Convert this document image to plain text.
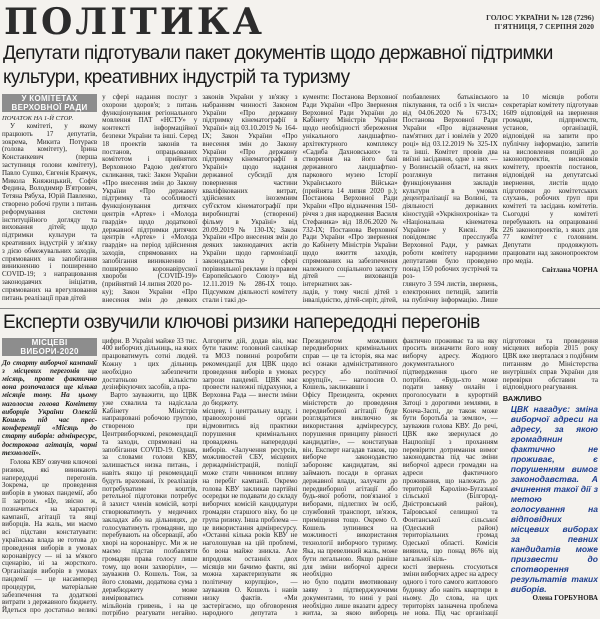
ПОЛІТИКА	ГОЛОС УКРАЇНИ № 128 (7296)
П'ЯТНИЦЯ, 7 СЕРПНЯ 2020
Депутати підготували пакет документів щодо державної підтримки
культури, креативних індустрій та туризму
У КОМІТЕТАХ ВЕРХОВНОЇ РАДИ
ПОЧАТОК НА 1-Й СТОР.

У комітеті, у якому працюють 17 депутатів, зокрема, Микита Потураєв (голова комітету), Ірина Констанкевич (перша заступниця голови комітету), Павло Сушко, Євгенія Кравчук, Микола Княжицький, Софія Федина, Володимир В'ятрович, Тетяна Рябуха, Юрій Павленко, створено робочі групи з питань реформування системи інституційного догляду та виховання дітей; щодо підтримки культури та креативних індустрій у зв'язку з дією обмежувальних заходів, спрямованих на запобігання виникненню і поширенню COVID-19; з напрацювання законодавчих ініціатив, спрямованих на врегулювання питань реалізації прав дітей

у сфері надання послуг з охорони здоров'я; з питань функціонування регіонального мовлення ПАТ «НСТУ» у контексті інформаційної безпеки України та інші. Серед 18 проектів законів та постанов, опрацьованих комітетом і прийнятих Верховною Радою дев'ятого скликання, такі: Закон України «Про внесення змін до Закону України «Про державну підтримку та особливості функціонування дитячих центрів «Артек» і «Молода гвардія» щодо додаткової державної підтримки дитячих центрів «Артек» і «Молода гвардія» на період здійснення заходів, спрямованих на запобігання виникненню і поширенню коронавірусної хвороби (COVID-19)» (прийнятий 14 липня 2020 ро-

ку); Закон України «Про внесення змін до деяких законів України у зв'язку з набранням чинності Законом України «Про державну підтримку кінематографії в Україні» від 03.10.2019 № 164-IX; Закон України «Про внесення змін до Закону України «Про державну підтримку кінематографії в Україні» щодо надання державної субсидії для повернення частини кваліфікованих витрат, здійснених іноземним суб'єктом кінематографії при виробництві (створенні) фільму в Україні» від 20.09.2019 № 130-IX; Закон України «Про внесення змін до деяких законодавчих актів України щодо гармонізації законодавства у сфері порівняльної реклами із правом Європейського Союзу» від 12.11.2019 № 286-IX тощо. Підсумком діяльності комітету стали і такі до-

кументи: Постанова Верховної Ради України «Про Звернення Верховної Ради України до Кабінету Міністрів України щодо необхідності збереження унікального ландшафтно-архітектурного комплексу «Садиба Дахновських» та створення на його базі державного ландшафтно-паркового музею Історії Українського Війська» (прийнята 14 липня 2020 р.); Постанова Верховної Ради України «Про відзначення 150-річчя з дня народження Василя Стефаника» від 18.06.2020 № 732-IX; Постанова Верховної Ради України «Про звернення до Кабінету Міністрів України щодо вжиття заходів, спрямованих на забезпечення належного соціального захисту дітей — вихованців інтернатних зак-

ладів, у тому числі дітей з інвалідністю, дітей-сиріт, дітей, позбавлених батьківського піклування, та осіб з їх числа» від 04.06.2020 № 673-IX; Постанова Верховної Ради України «Про відзначення пам'ятних дат і ювілеїв у 2020 році» від 03.12.2019 № 325-IX та інші. Комітет провів два виїзні засідання, одне з них — у Волинській області, на яких розглянув питання функціонування закладів культури в умовах децентралізації на Волині, та діяльності державних кіностудій «Укркінохроніка» та «Національна кінематека України» у Києві. Як повідомляє пресслужба Верховної Ради, у рамках роботи комітету народними депутатами було проведено понад 150 робочих зустрічей та роз-

глянуто 3 594 листів, звернень, електронних петицій, запитів на публічну інформацію. Лише за 10 місяців роботи секретаріат комітету підготував 1609 відповідей на звернення громадян, підприємств, установ, організацій, відповідей на запити про публічну інформацію, запитів на висловлення позицій до законопроектів, висновків комітету, проектів постанов, відповідей на депутатські звернення, листів щодо підготовки до комітетських слухань, робочих груп при комітеті та засідань комітетів. Сьогодні у комітеті перебувають на опрацюванні 226 законопроектів, з яких для 77 комітет є головним. Депутати продовжують працювати над законопроектом про медіа.

Світлана ЧОРНА
Експерти озвучили ключові ризики напередодні перегонів
МІСЦЕВІ ВИБОРИ-2020
До старту виборчої кампанії з місцевих перегонів ще місяць, проте фактично вона розпочалася ще кілька місяців тому. На цьому наголосив голова Комітету виборців України Олексій Кошель під час прес-конференції «Місяць до старту виборів: адмінресурс, дострокова агітація, чорні технології».

Голова КВУ озвучив ключові ризики, які виникають напередодні перегонів. Зокрема, це проведення виборів в умовах пандемії, або її загрози. «Це, звісно ж, позначиться на характері кампанії, агітації та явці виборців. На жаль, ми маємо всі підстави констатувати: українська влада не готова до проведення виборів в умовах коронавірусу — ні за м'якого сценарію, ні за жорсткого. Організація виборів в умовах пандемії — це насамперед процедури, матеріальне забезпечення та додаткові витрати з державного бюджету. Йдеться про достатньо великі цифри. В Україні майже 33 тис. 400 виборчих дільниць, на яких працюватимуть сотні людей. Кожну з цих дільниць необхідно забезпечити достатньою кількістю дезінфікуючих засобів, а пра-

Варто зауважити, що ЦВК уже схвалила та надіслала Кабінету Міністрів напрацювані робочою групою, створеною при Центрвиборчкомі, рекомендації та заходи, спрямовані на запобігання COVID-19. Однак, за словами голови КВУ, залишається низка питань, і навіть якщо ці рекомендації будуть враховані, їх реалізація потребуватиме коштів, ретельної підготовки потребує й захист членів комісій, котрі створюватимуть у медичних закладах або на дільницях, де голосуватимуть громадяни, що перебувають на обсервації, або хворі на коронавірус. Ми ж не маємо підстав позбавляти громадян права голосу лише тому, що вони захворіли», — зауважив О. Кошель. Тож, за його словами, додаткова сума з держбюджету може вимірюватись сотнями мільйонів гривень, і на це потрібно реагувати негайно. Алгоритм дій, додав він, має бути таким: головний санлікар та МОЗ повинні розробити рекомендації для ЦВК щодо проведення виборів в умовах загрози пандемії. ЦВК має провести належні підрахунки, а Верховна Рада — внести зміни до бюджету.

місцеву, і центральну владу, і правоохоронні органи відмовитись від практики порушення кримінальних проваджень напередодні виборів. «Залучення ресурсів, можливостей СБУ, місцевих держадміністрацій, поліції може стати чинником впливу на перебіг кампанії. Окремо голова КВУ закликав партійні осередки не подавати до складу виборчих комісій кандидатури громадян старшого віку, бо це група ризику. Інша проблема — це використання адмінресурсу. «Останні кілька років КВУ не наголошував на цій проблемі, бо вона майже зникла. Але впродовж останніх двох місяців ми бачимо факти, які можна характеризувати як політичну корупцію», — зауважив О. Кошель і навів низку фактів. «Ми застерігаємо, що обговорення народного депутата з Президентом можливих передвиборних кримінальних справ — це та історія, яка має всі ознаки адміністративного ресурсу або політичної корупції», — наголосив О. Кошель, закликавши і

Офісу Президента, окремих міністерств до проведення передвиборної агітації буде розглядатися виключно як використання адмінресурсу, порушення принципу рівності кандидатів», — констатував він. Експерт нагадав також, що виборче законодавство забороняє кандидатам, які займають посади в органах державної влади, залучати до передвиборної агітації або будь-якої роботи, пов'язаної з виборами, підлеглих їм осіб, службовий транспорт, зв'язок, приміщення тощо. Окремо О. Кошель зупинився на можливості використання технології виборчого туризму. Яка, на превеликий жаль, може бути легальною. Якщо раніше для зміни виборчої адреси необхідно

но було подати вмотивовану заяву з підтверджуючими документами, то нині у разі необхідно лише вказати адресу житла, за якою виборець фактично проживає та на яку просить визначити його нову виборчу адресу. Жодного документального підтвердження цього не потрібно. «Будь-хто може подати заявку онлайн і проголосувати в курортній Затоці з дорогими землями, в Конча-Заспі, де також може бути боротьба за землю», — зауважив голова КВУ. До речі, ЦВК вже звернулася до Нацполіції з проханням перевірити дотримання вимог законодавства під час зміни виборчої адреси громадян на адреси фактичного проживання, що належать до територій Кароліно-Бугазької сільської (Білгород-Дністровський район), Таїровської селищної та Фонтанської сільської (Одеський район) територіальних громад Одеської області. Комісія виявила, що понад 86% від загальної кіль-

кості звернень стосуються зміни виборчих адрес на адресу одного і того самого житлового будинку або навіть квартири в ньому. До слова, на цих територіях зазначена проблема не нова. Під час організації підготовки та проведення місцевих виборів 2015 року ЦВК вже зверталася з подібним питанням до Міністерства внутрішніх справ України для перевірки обставин та відповідного реагування.

ВАЖЛИВО
ЦВК нагадує: зміна виборчої адреси на адресу, за якою громадянин фактично не проживає, є порушенням вимог законодавства. А вчинення такої дії з метою голосування на відповідних місцевих виборах за певних кандидатів може призвести до спотворення результатів таких виборів.
Олена ГОРБУНОВА
